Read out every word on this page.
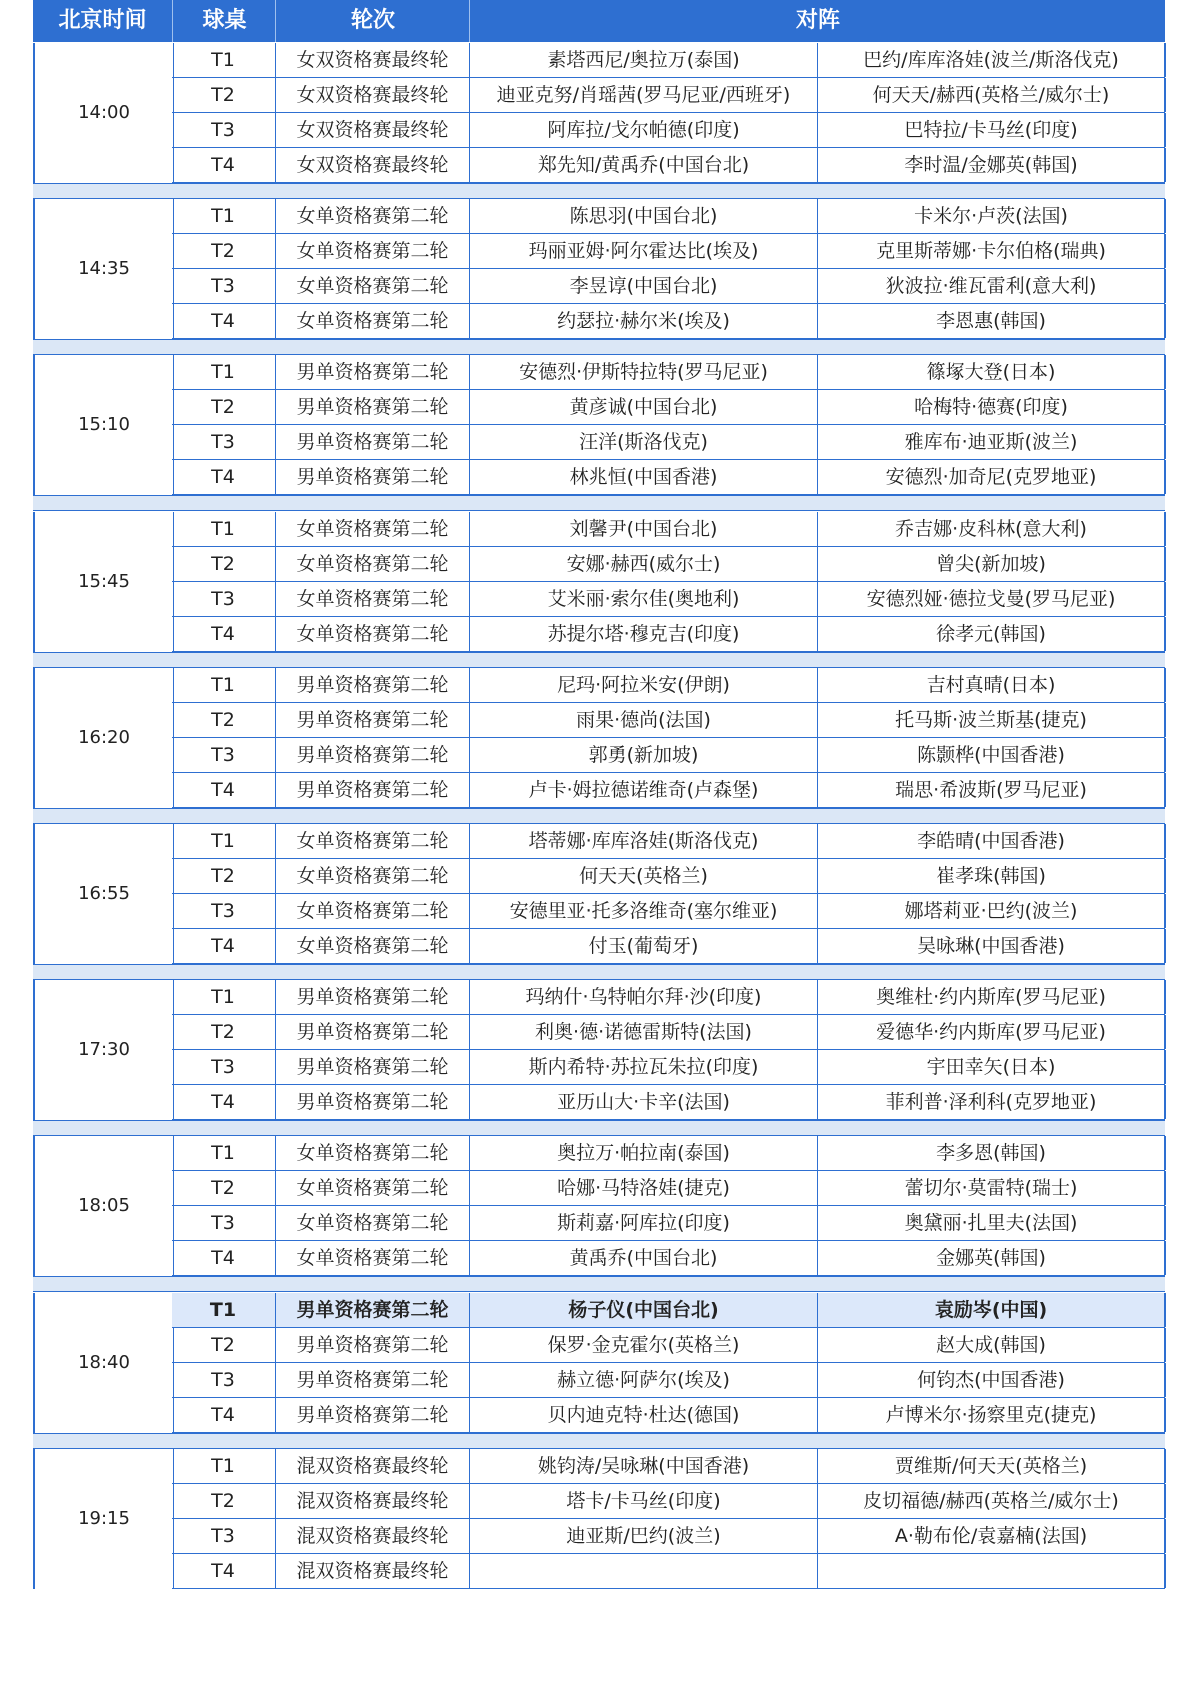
北京时间	球桌	轮次	对阵
14:00
T1	女双资格赛最终轮	素塔西尼/奥拉万(泰国)	巴约/库库洛娃(波兰/斯洛伐克)
T2	女双资格赛最终轮	迪亚克努/肖瑶茜(罗马尼亚/西班牙)	何天天/赫西(英格兰/威尔士)
T3	女双资格赛最终轮	阿库拉/戈尔帕德(印度)	巴特拉/卡马丝(印度)
T4	女双资格赛最终轮	郑先知/黄禹乔(中国台北)	李时温/金娜英(韩国)
14:35
T1	女单资格赛第二轮	陈思羽(中国台北)	卡米尔·卢茨(法国)
T2	女单资格赛第二轮	玛丽亚姆·阿尔霍达比(埃及)	克里斯蒂娜·卡尔伯格(瑞典)
T3	女单资格赛第二轮	李昱谆(中国台北)	狄波拉·维瓦雷利(意大利)
T4	女单资格赛第二轮	约瑟拉·赫尔米(埃及)	李恩惠(韩国)
15:10
T1	男单资格赛第二轮	安德烈·伊斯特拉特(罗马尼亚)	篠塚大登(日本)
T2	男单资格赛第二轮	黄彦诚(中国台北)	哈梅特·德赛(印度)
T3	男单资格赛第二轮	汪洋(斯洛伐克)	雅库布·迪亚斯(波兰)
T4	男单资格赛第二轮	林兆恒(中国香港)	安德烈·加奇尼(克罗地亚)
15:45
T1	女单资格赛第二轮	刘馨尹(中国台北)	乔吉娜·皮科林(意大利)
T2	女单资格赛第二轮	安娜·赫西(威尔士)	曾尖(新加坡)
T3	女单资格赛第二轮	艾米丽·索尔佳(奥地利)	安德烈娅·德拉戈曼(罗马尼亚)
T4	女单资格赛第二轮	苏提尔塔·穆克吉(印度)	徐孝元(韩国)
16:20
T1	男单资格赛第二轮	尼玛·阿拉米安(伊朗)	吉村真晴(日本)
T2	男单资格赛第二轮	雨果·德尚(法国)	托马斯·波兰斯基(捷克)
T3	男单资格赛第二轮	郭勇(新加坡)	陈颢桦(中国香港)
T4	男单资格赛第二轮	卢卡·姆拉德诺维奇(卢森堡)	瑞思·希波斯(罗马尼亚)
16:55
T1	女单资格赛第二轮	塔蒂娜·库库洛娃(斯洛伐克)	李皓晴(中国香港)
T2	女单资格赛第二轮	何天天(英格兰)	崔孝珠(韩国)
T3	女单资格赛第二轮	安德里亚·托多洛维奇(塞尔维亚)	娜塔莉亚·巴约(波兰)
T4	女单资格赛第二轮	付玉(葡萄牙)	吴咏琳(中国香港)
17:30
T1	男单资格赛第二轮	玛纳什·乌特帕尔拜·沙(印度)	奥维杜·约内斯库(罗马尼亚)
T2	男单资格赛第二轮	利奥·德·诺德雷斯特(法国)	爱德华·约内斯库(罗马尼亚)
T3	男单资格赛第二轮	斯内希特·苏拉瓦朱拉(印度)	宇田幸矢(日本)
T4	男单资格赛第二轮	亚历山大·卡辛(法国)	菲利普·泽利科(克罗地亚)
18:05
T1	女单资格赛第二轮	奥拉万·帕拉南(泰国)	李多恩(韩国)
T2	女单资格赛第二轮	哈娜·马特洛娃(捷克)	蕾切尔·莫雷特(瑞士)
T3	女单资格赛第二轮	斯莉嘉·阿库拉(印度)	奥黛丽·扎里夫(法国)
T4	女单资格赛第二轮	黄禹乔(中国台北)	金娜英(韩国)
18:40
T1	男单资格赛第二轮	杨子仪(中国台北)	袁励岑(中国)
T2	男单资格赛第二轮	保罗·金克霍尔(英格兰)	赵大成(韩国)
T3	男单资格赛第二轮	赫立德·阿萨尔(埃及)	何钧杰(中国香港)
T4	男单资格赛第二轮	贝内迪克特·杜达(德国)	卢博米尔·扬察里克(捷克)
19:15
T1	混双资格赛最终轮	姚钧涛/吴咏琳(中国香港)	贾维斯/何天天(英格兰)
T2	混双资格赛最终轮	塔卡/卡马丝(印度)	皮切福德/赫西(英格兰/威尔士)
T3	混双资格赛最终轮	迪亚斯/巴约(波兰)	A·勒布伦/袁嘉楠(法国)
T4	混双资格赛最终轮
